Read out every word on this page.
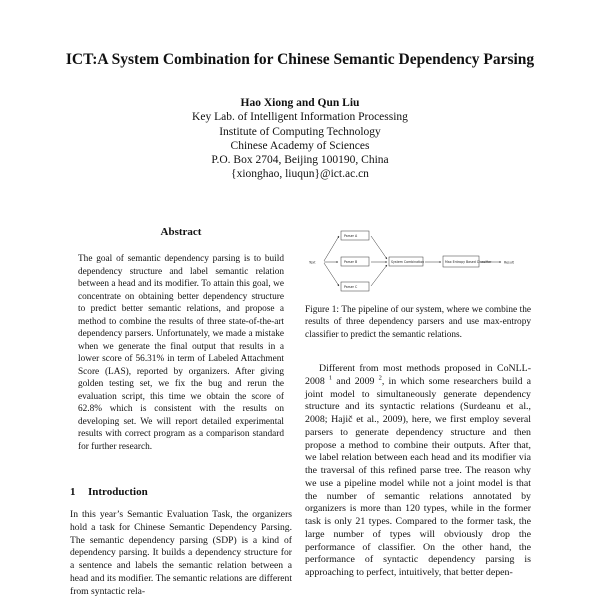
ICT:A System Combination for Chinese Semantic Dependency Parsing
Hao Xiong and Qun Liu
Key Lab. of Intelligent Information Processing
Institute of Computing Technology
Chinese Academy of Sciences
P.O. Box 2704, Beijing 100190, China
{xionghao, liuqun}@ict.ac.cn
Abstract
The goal of semantic dependency parsing is to build dependency structure and label semantic relation between a head and its modifier. To attain this goal, we concentrate on obtaining better dependency structure to predict better semantic relations, and propose a method to combine the results of three state-of-the-art dependency parsers. Unfortunately, we made a mistake when we generate the final output that results in a lower score of 56.31% in term of Labeled Attachment Score (LAS), reported by organizers. After giving golden testing set, we fix the bug and rerun the evaluation script, this time we obtain the score of 62.8% which is consistent with the results on developing set. We will report detailed experimental results with correct program as a comparison standard for further research.
1 Introduction
In this year’s Semantic Evaluation Task, the organizers hold a task for Chinese Semantic Dependency Parsing. The semantic dependency parsing (SDP) is a kind of dependency parsing. It builds a dependency structure for a sentence and labels the semantic relation between a head and its modifier. The semantic relations are different from syntactic rela-
Text
Parser A
Parser B
Parser C
System Combination	Max Entropy Based Classifier	Result
Figure 1: The pipeline of our system, where we combine the results of three dependency parsers and use max-entropy classifier to predict the semantic relations.
Different from most methods proposed in CoNLL-2008 $^1$ and 2009 $^2$, in which some researchers build a joint model to simultaneously generate dependency structure and its syntactic relations (Surdeanu et al., 2008; Hajič et al., 2009), here, we first employ several parsers to generate dependency structure and then propose a method to combine their outputs. After that, we label relation between each head and its modifier via the traversal of this refined parse tree. The reason why we use a pipeline model while not a joint model is that the number of semantic relations annotated by organizers is more than 120 types, while in the former task is only 21 types. Compared to the former task, the large number of types will obviously drop the performance of classifier. On the other hand, the performance of syntactic dependency parsing is approaching to perfect, intuitively, that better depen-
